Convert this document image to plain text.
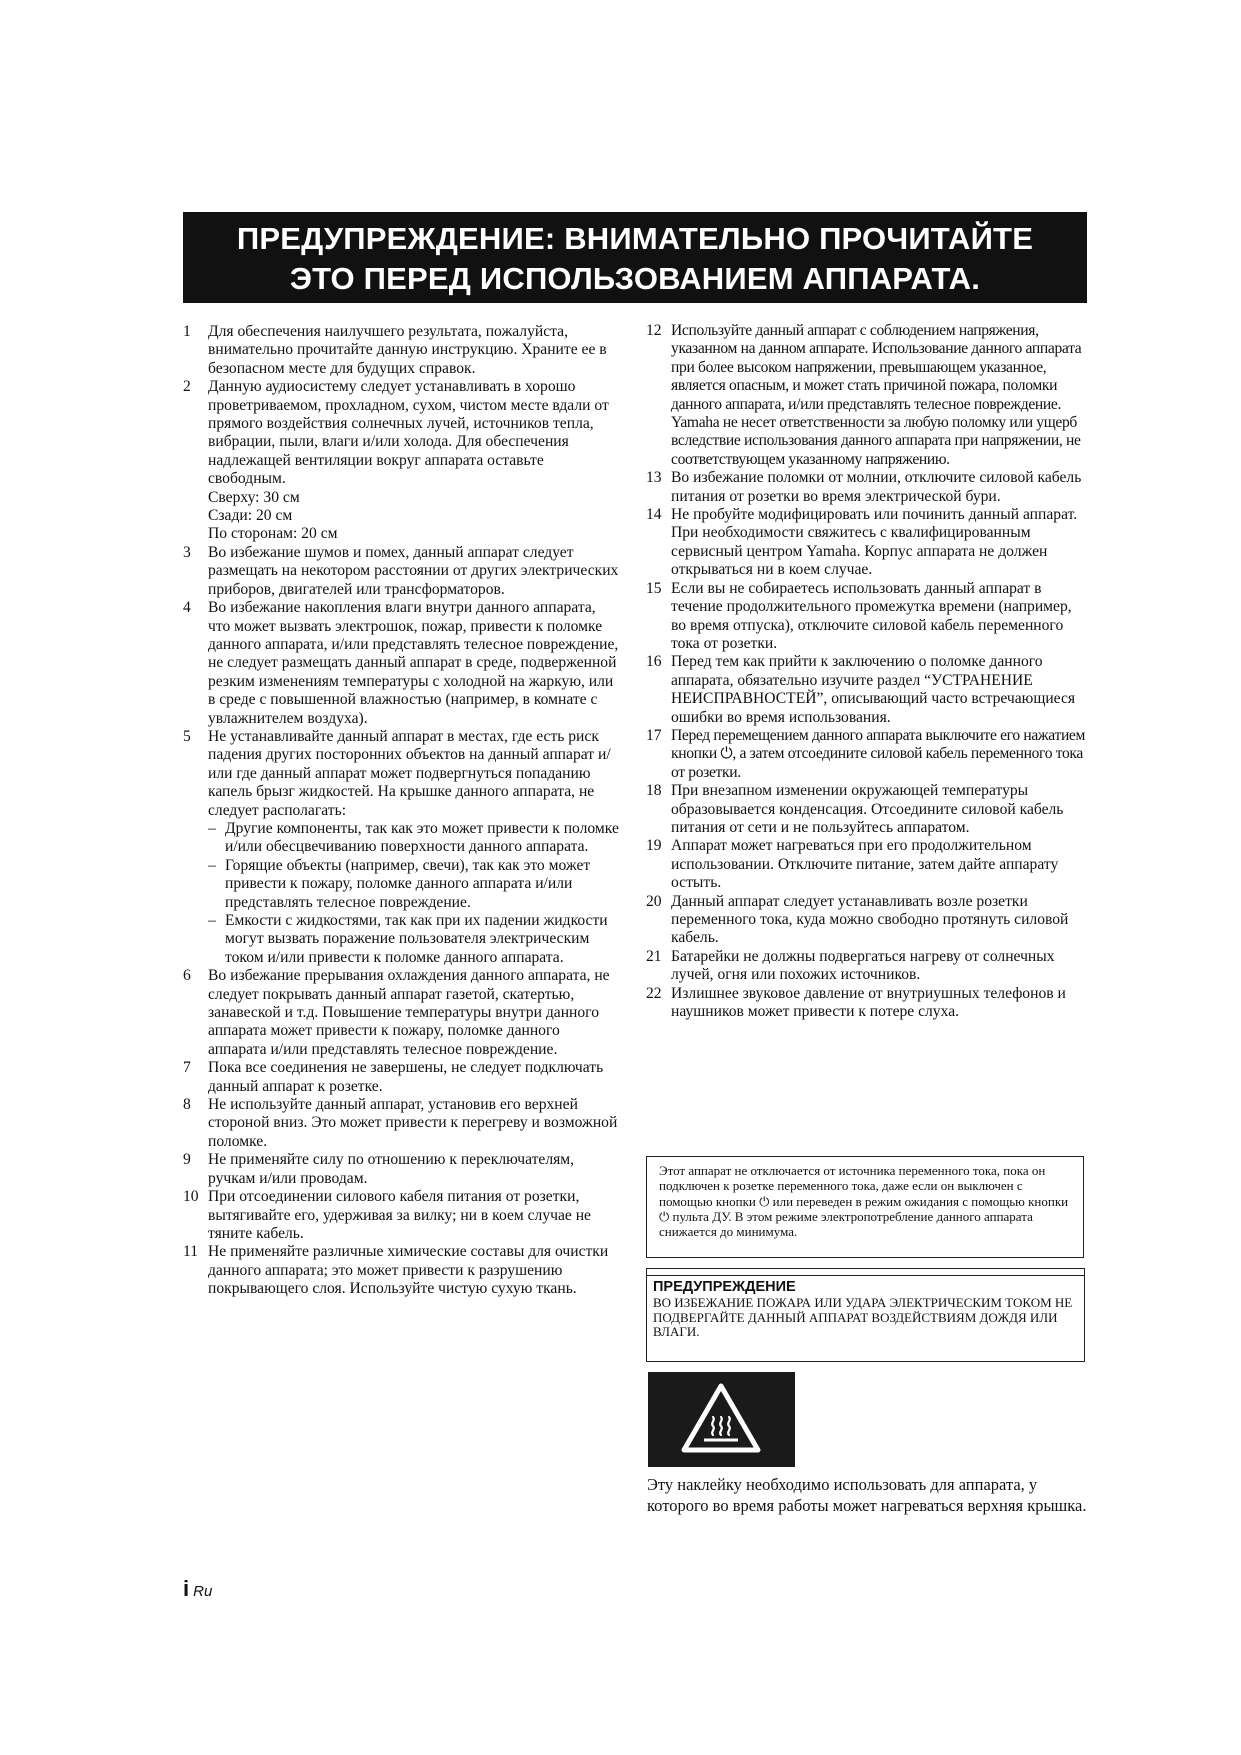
ПРЕДУПРЕЖДЕНИЕ: ВНИМАТЕЛЬНО ПРОЧИТАЙТЕ
ЭТО ПЕРЕД ИСПОЛЬЗОВАНИЕМ АППАРАТА.
1	Для обеспечения наилучшего результата, пожалуйста, внимательно прочитайте данную инструкцию. Храните ее в безопасном месте для будущих справок.
2	Данную аудиосистему следует устанавливать в хорошо проветриваемом, прохладном, сухом, чистом месте вдали от прямого воздействия солнечных лучей, источников тепла, вибрации, пыли, влаги и/или холода. Для обеспечения надлежащей вентиляции вокруг аппарата оставьте свободным.
Сверху: 30 см
Сзади: 20 см
По сторонам: 20 см
3	Во избежание шумов и помех, данный аппарат следует размещать на некотором расстоянии от других электрических приборов, двигателей или трансформаторов.
4	Во избежание накопления влаги внутри данного аппарата, что может вызвать электрошок, пожар, привести к поломке данного аппарата, и/или представлять телесное повреждение, не следует размещать данный аппарат в среде, подверженной резким изменениям температуры с холодной на жаркую, или в среде с повышенной влажностью (например, в комнате с увлажнителем воздуха).
5	Не устанавливайте данный аппарат в местах, где есть риск падения других посторонних объектов на данный аппарат и/или где данный аппарат может подвергнуться попаданию капель брызг жидкостей. На крышке данного аппарата, не следует располагать:
– Другие компоненты, так как это может привести к поломке и/или обесцвечиванию поверхности данного аппарата.
– Горящие объекты (например, свечи), так как это может привести к пожару, поломке данного аппарата и/или представлять телесное повреждение.
– Емкости с жидкостями, так как при их падении жидкости могут вызвать поражение пользователя электрическим током и/или привести к поломке данного аппарата.
6	Во избежание прерывания охлаждения данного аппарата, не следует покрывать данный аппарат газетой, скатертью, занавеской и т.д. Повышение температуры внутри данного аппарата может привести к пожару, поломке данного аппарата и/или представлять телесное повреждение.
7	Пока все соединения не завершены, не следует подключать данный аппарат к розетке.
8	Не используйте данный аппарат, установив его верхней стороной вниз. Это может привести к перегреву и возможной поломке.
9	Не применяйте силу по отношению к переключателям, ручкам и/или проводам.
10 При отсоединении силового кабеля питания от розетки, вытягивайте его, удерживая за вилку; ни в коем случае не тяните кабель.
11 Не применяйте различные химические составы для очистки данного аппарата; это может привести к разрушению покрывающего слоя. Используйте чистую сухую ткань.
12 Используйте данный аппарат с соблюдением напряжения, указанном на данном аппарате. Использование данного аппарата при более высоком напряжении, превышающем указанное, является опасным, и может стать причиной пожара, поломки данного аппарата, и/или представлять телесное повреждение. Yamaha не несет ответственности за любую поломку или ущерб вследствие использования данного аппарата при напряжении, не соответствующем указанному напряжению.
13 Во избежание поломки от молнии, отключите силовой кабель питания от розетки во время электрической бури.
14 Не пробуйте модифицировать или починить данный аппарат. При необходимости свяжитесь с квалифицированным сервисный центром Yamaha. Корпус аппарата не должен открываться ни в коем случае.
15 Если вы не собираетесь использовать данный аппарат в течение продолжительного промежутка времени (например, во время отпуска), отключите силовой кабель переменного тока от розетки.
16 Перед тем как прийти к заключению о поломке данного аппарата, обязательно изучите раздел “УСТРАНЕНИЕ НЕИСПРАВНОСТЕЙ”, описывающий часто встречающиеся ошибки во время использования.
17 Перед перемещением данного аппарата выключите его нажатием кнопки ⏻, а затем отсоедините силовой кабель переменного тока от розетки.
18 При внезапном изменении окружающей температуры образовывается конденсация. Отсоедините силовой кабель питания от сети и не пользуйтесь аппаратом.
19 Аппарат может нагреваться при его продолжительном использовании. Отключите питание, затем дайте аппарату остыть.
20 Данный аппарат следует устанавливать возле розетки переменного тока, куда можно свободно протянуть силовой кабель.
21 Батарейки не должны подвергаться нагреву от солнечных лучей, огня или похожих источников.
22 Излишнее звуковое давление от внутриушных телефонов и наушников может привести к потере слуха.
Этот аппарат не отключается от источника переменного тока, пока он подключен к розетке переменного тока, даже если он выключен с помощью кнопки ⏻ или переведен в режим ожидания с помощью кнопки ⏻ пульта ДУ. В этом режиме электропотребление данного аппарата снижается до минимума.
ПРЕДУПРЕЖДЕНИЕ
ВО ИЗБЕЖАНИЕ ПОЖАРА ИЛИ УДАРА ЭЛЕКТРИЧЕСКИМ ТОКОМ НЕ ПОДВЕРГАЙТЕ ДАННЫЙ АППАРАТ ВОЗДЕЙСТВИЯМ ДОЖДЯ ИЛИ ВЛАГИ.
Эту наклейку необходимо использовать для аппарата, у которого во время работы может нагреваться верхняя крышка.
i Ru
